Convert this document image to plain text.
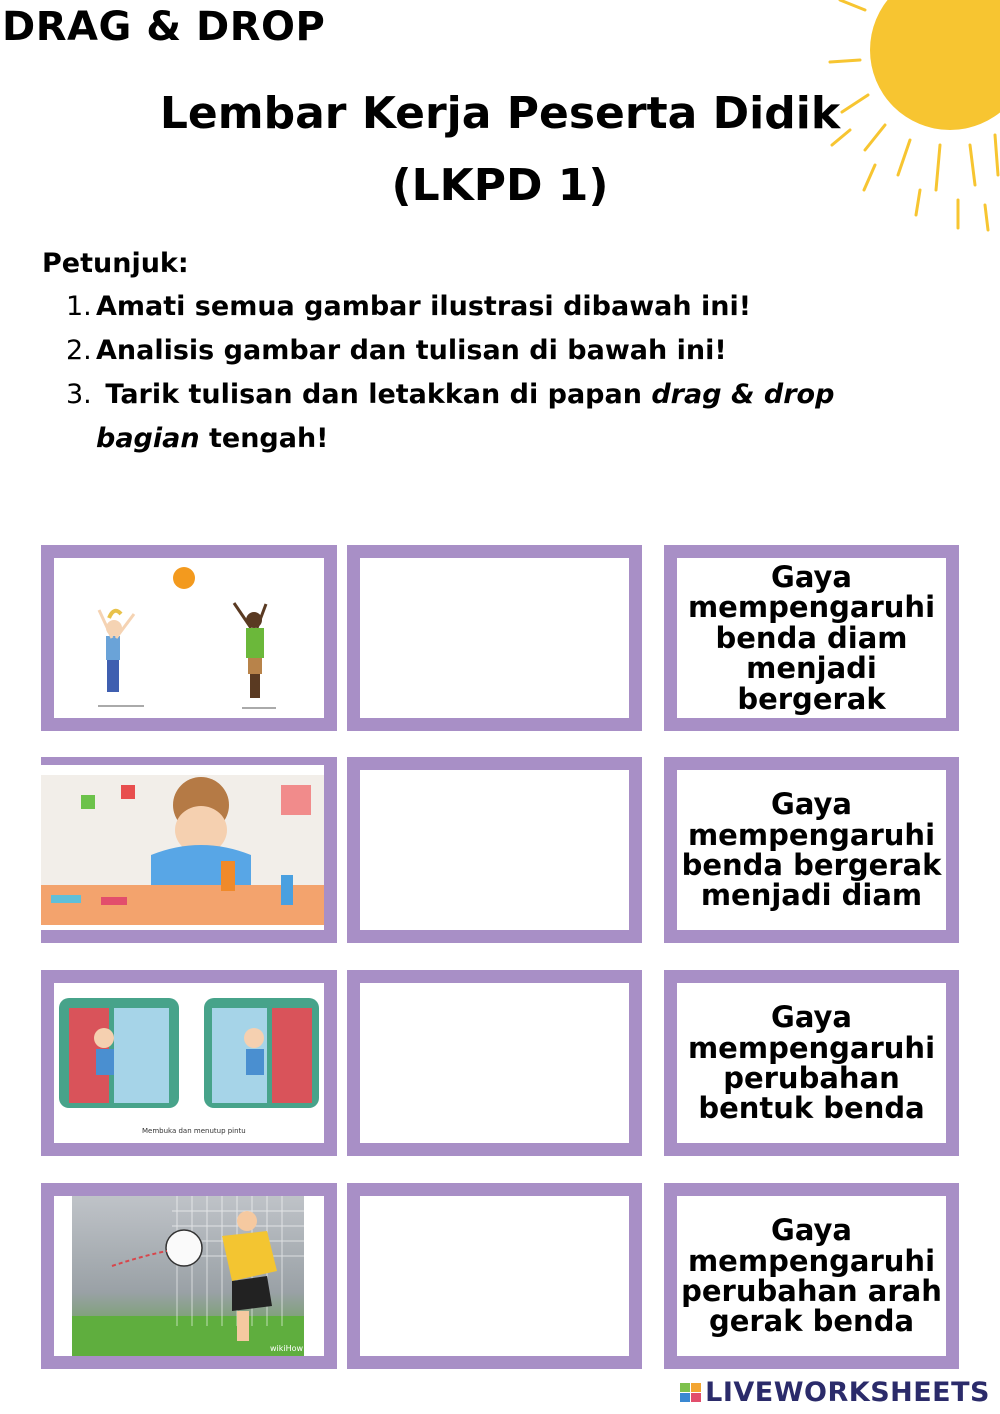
DRAG & DROP
Lembar Kerja Peserta Didik
(LKPD 1)
Petunjuk:
1. Amati semua gambar ilustrasi dibawah ini!
2. Analisis gambar dan tulisan di bawah ini!
3. Tarik tulisan dan letakkan di papan drag & drop
bagian tengah!
Gaya mempengaruhi benda diam menjadi bergerak
Gaya mempengaruhi benda bergerak menjadi diam
Membuka dan menutup pintu
Gaya mempengaruhi perubahan bentuk benda
wikiHow
Gaya mempengaruhi perubahan arah gerak benda
LIVEWORKSHEETS
